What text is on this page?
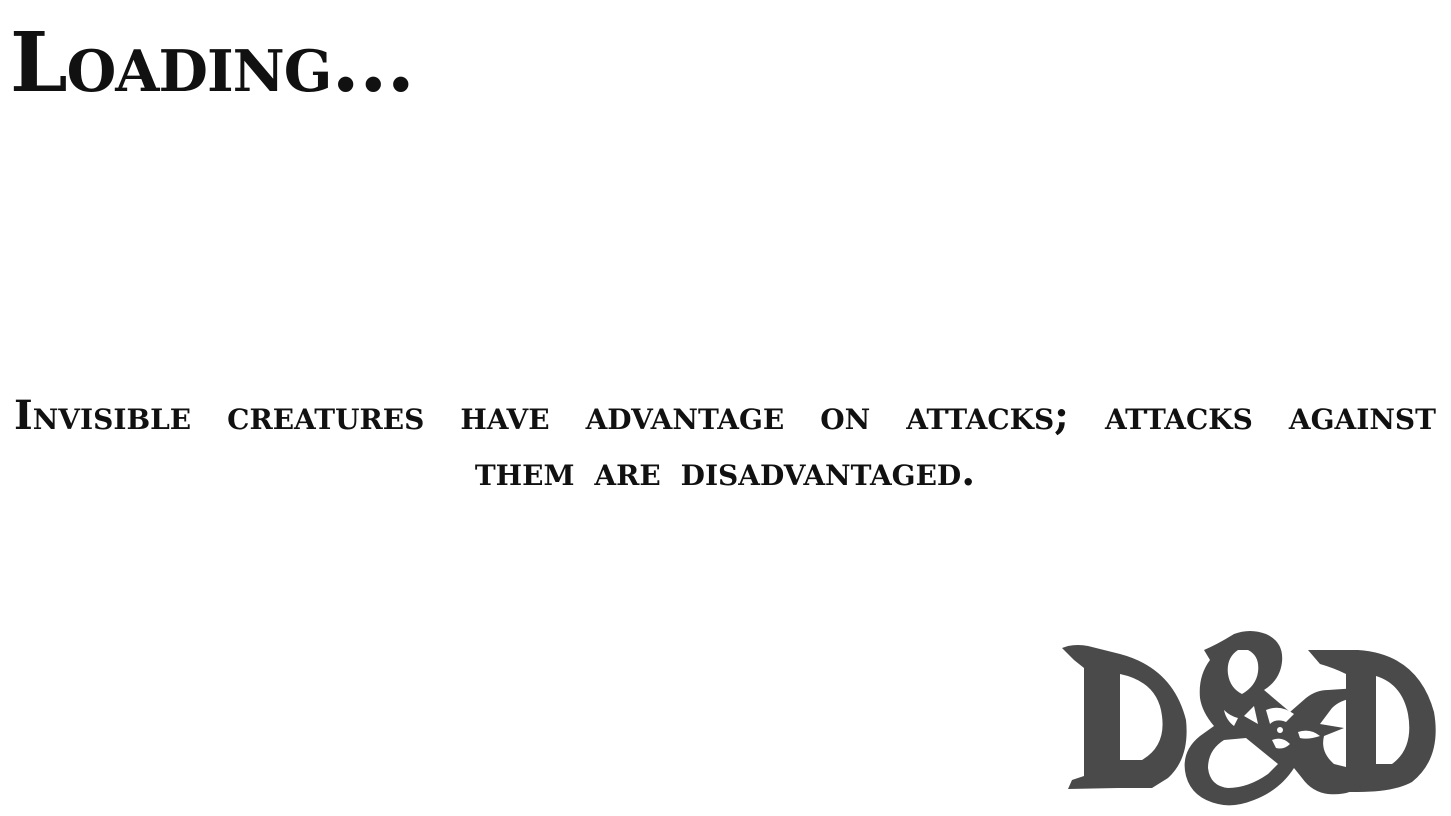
Loading...

Invisible creatures have advantage on attacks; attacks against them are disadvantaged.
